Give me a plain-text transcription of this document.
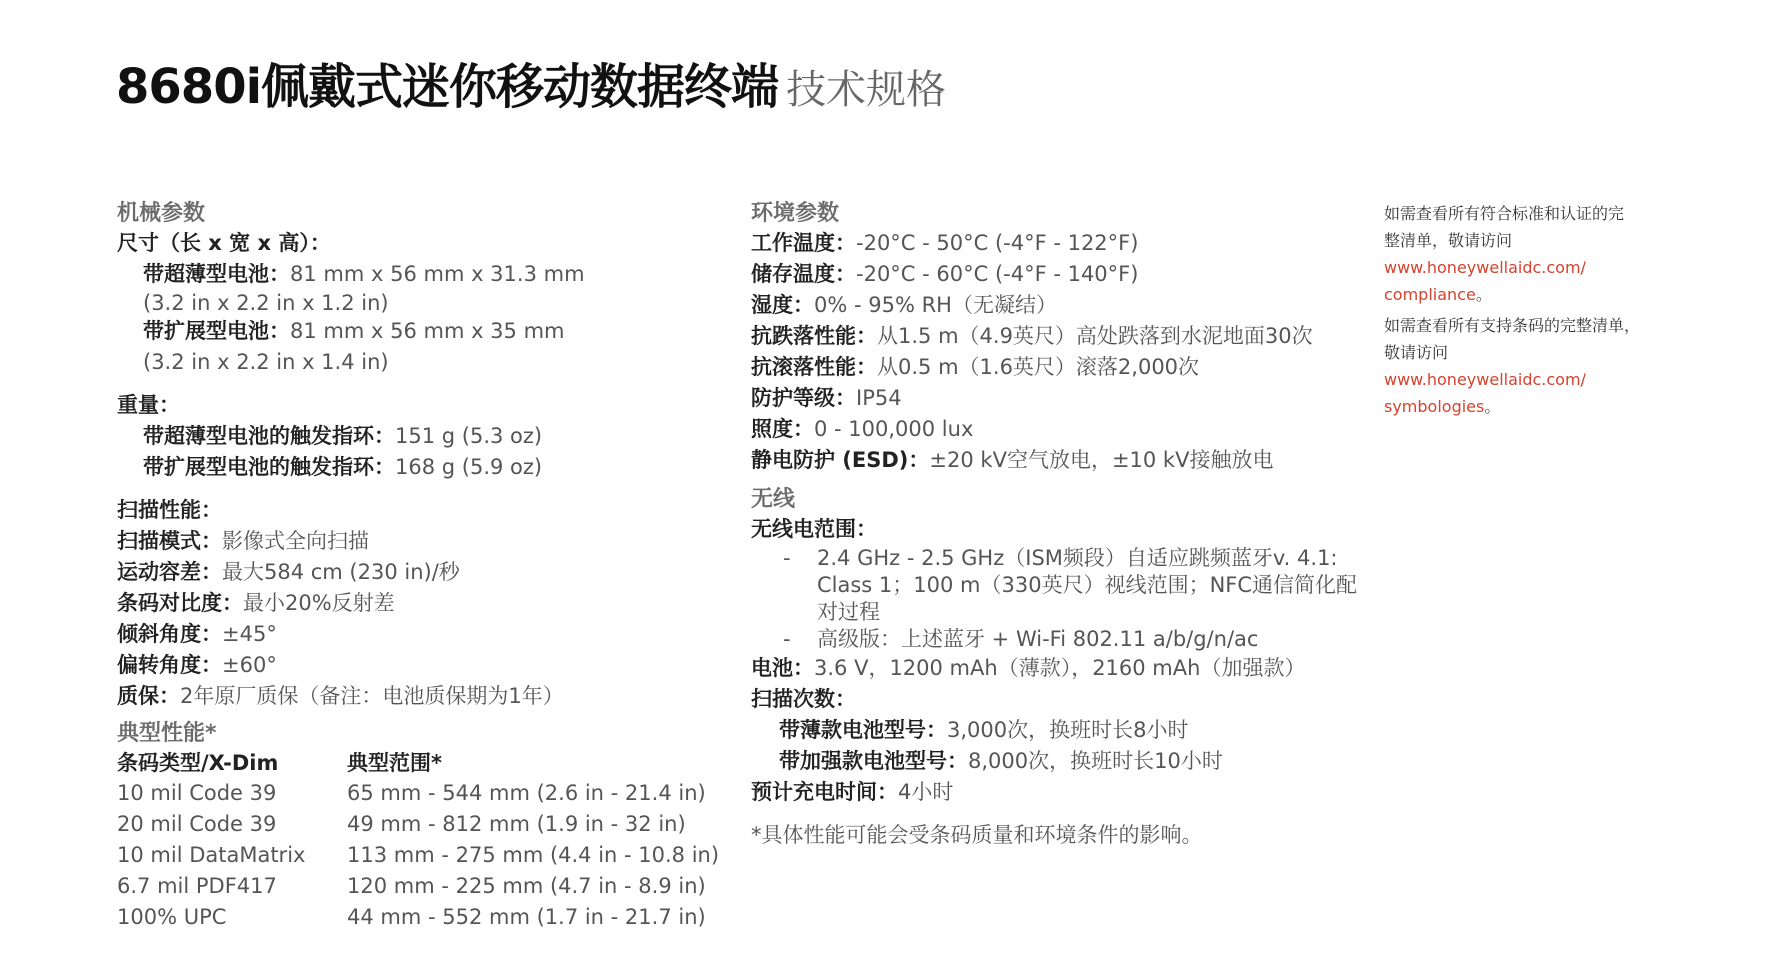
8680i佩戴式迷你移动数据终端 技术规格
机械参数
尺寸（长 x 宽 x 高）：
带超薄型电池：81 mm x 56 mm x 31.3 mm
(3.2 in x 2.2 in x 1.2 in)
带扩展型电池：81 mm x 56 mm x 35 mm
(3.2 in x 2.2 in x 1.4 in)
重量：
带超薄型电池的触发指环：151 g (5.3 oz)
带扩展型电池的触发指环：168 g (5.9 oz)
扫描性能：
扫描模式：影像式全向扫描
运动容差：最大584 cm (230 in)/秒
条码对比度：最小20%反射差
倾斜角度：±45°
偏转角度：±60°
质保：2年原厂质保（备注：电池质保期为1年）
典型性能*
条码类型/X-Dim	典型范围*
10 mil Code 39	65 mm - 544 mm (2.6 in - 21.4 in)
20 mil Code 39	49 mm - 812 mm (1.9 in - 32 in)
10 mil DataMatrix	113 mm - 275 mm (4.4 in - 10.8 in)
6.7 mil PDF417	120 mm - 225 mm (4.7 in - 8.9 in)
100% UPC	44 mm - 552 mm (1.7 in - 21.7 in)
环境参数
工作温度：-20°C - 50°C (-4°F - 122°F)
储存温度：-20°C - 60°C (-4°F - 140°F)
湿度：0% - 95% RH（无凝结）
抗跌落性能：从1.5 m（4.9英尺）高处跌落到水泥地面30次
抗滚落性能：从0.5 m（1.6英尺）滚落2,000次
防护等级：IP54
照度：0 - 100,000 lux
静电防护 (ESD)：±20 kV空气放电，±10 kV接触放电
无线
无线电范围：
-	2.4 GHz - 2.5 GHz（ISM频段）自适应跳频蓝牙v. 4.1: Class 1；100 m（330英尺）视线范围；NFC通信简化配对过程
-	高级版：上述蓝牙 + Wi-Fi 802.11 a/b/g/n/ac
电池：3.6 V，1200 mAh（薄款），2160 mAh（加强款）
扫描次数：
带薄款电池型号：3,000次，换班时长8小时
带加强款电池型号：8,000次，换班时长10小时
预计充电时间：4小时
*具体性能可能会受条码质量和环境条件的影响。
如需查看所有符合标准和认证的完
整清单，敬请访问
www.honeywellaidc.com/
compliance。
如需查看所有支持条码的完整清单，
敬请访问
www.honeywellaidc.com/
symbologies。
